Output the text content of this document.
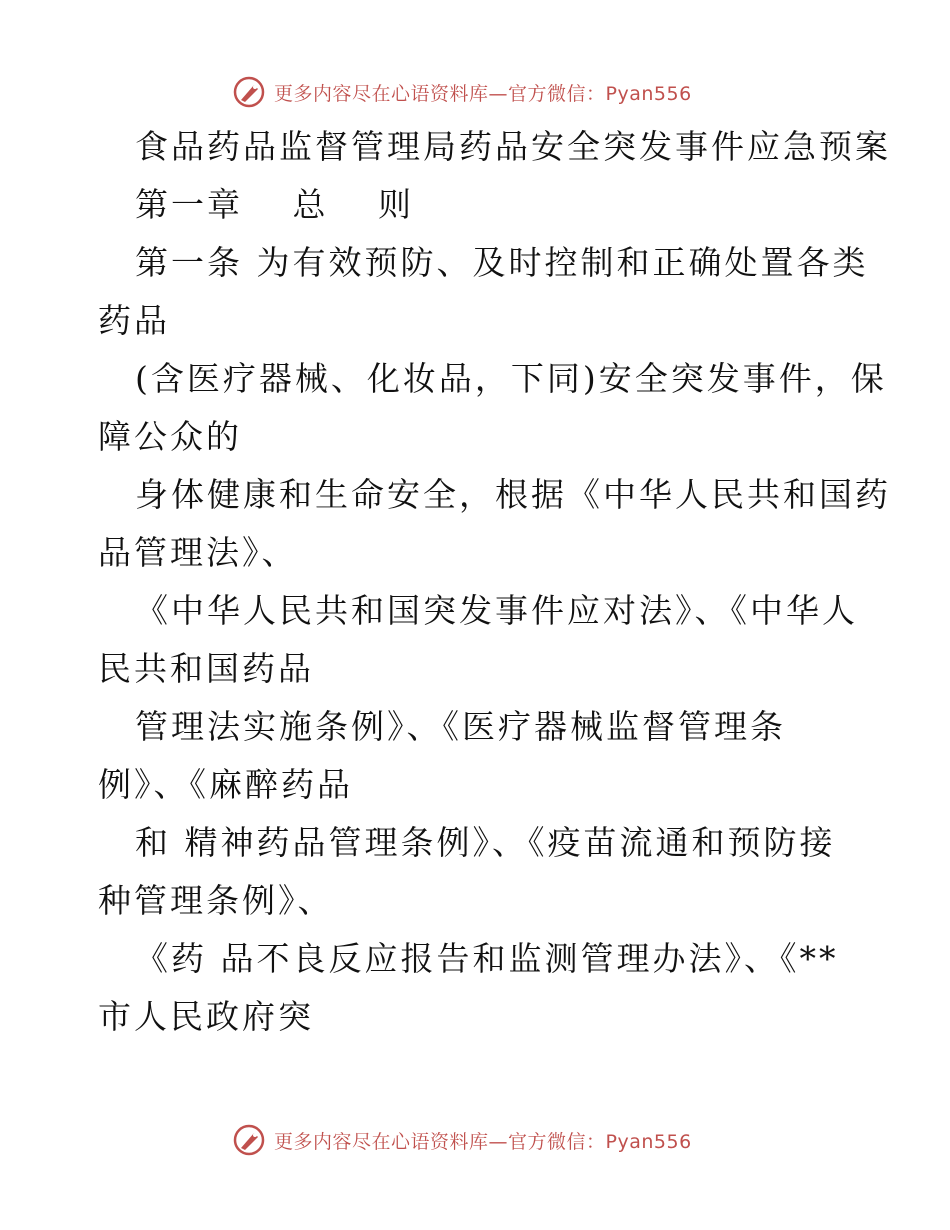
更多内容尽在心语资料库—官方微信：Pyan556
食品药品监督管理局药品安全突发事件应急预案
第一章　 总　 则
第一条 为有效预防、及时控制和正确处置各类
药品
(含医疗器械、化妆品，下同)安全突发事件，保
障公众的
身体健康和生命安全，根据《中华人民共和国药
品管理法》、
《中华人民共和国突发事件应对法》、《中华人
民共和国药品
管理法实施条例》、《医疗器械监督管理条
例》、《麻醉药品
和 精神药品管理条例》、《疫苗流通和预防接
种管理条例》、
《药 品不良反应报告和监测管理办法》、《**
市人民政府突
更多内容尽在心语资料库—官方微信：Pyan556
